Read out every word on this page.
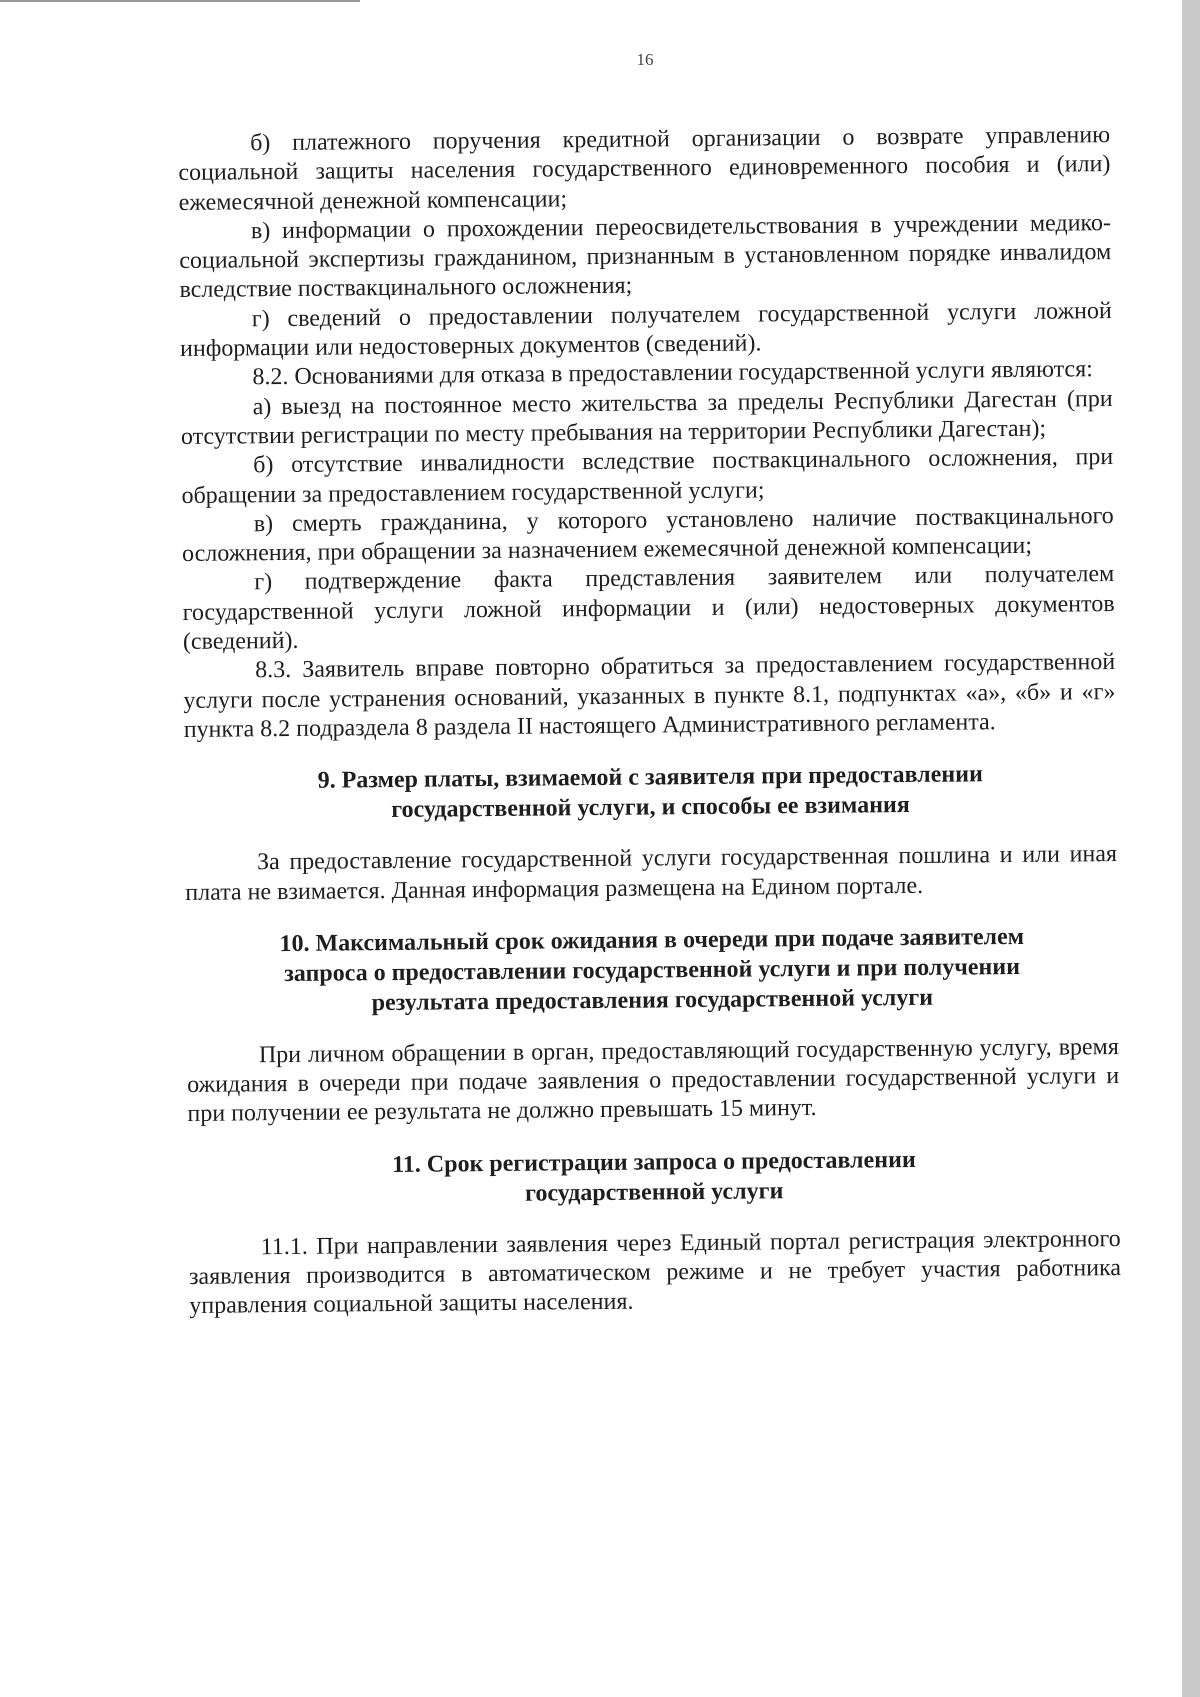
16

б) платежного поручения кредитной организации о возврате управлению социальной защиты населения государственного единовременного пособия и (или) ежемесячной денежной компенсации;

в) информации о прохождении переосвидетельствования в учреждении медико-социальной экспертизы гражданином, признанным в установленном порядке инвалидом вследствие поствакцинального осложнения;

г) сведений о предоставлении получателем государственной услуги ложной информации или недостоверных документов (сведений).

8.2. Основаниями для отказа в предоставлении государственной услуги являются:

а) выезд на постоянное место жительства за пределы Республики Дагестан (при отсутствии регистрации по месту пребывания на территории Республики Дагестан);

б) отсутствие инвалидности вследствие поствакцинального осложнения, при обращении за предоставлением государственной услуги;

в) смерть гражданина, у которого установлено наличие поствакцинального осложнения, при обращении за назначением ежемесячной денежной компенсации;

г) подтверждение факта представления заявителем или получателем государственной услуги ложной информации и (или) недостоверных документов (сведений).

8.3. Заявитель вправе повторно обратиться за предоставлением государственной услуги после устранения оснований, указанных в пункте 8.1, подпунктах «а», «б» и «г» пункта 8.2 подраздела 8 раздела II настоящего Административного регламента.

9. Размер платы, взимаемой с заявителя при предоставлении
государственной услуги, и способы ее взимания

За предоставление государственной услуги государственная пошлина и или иная плата не взимается. Данная информация размещена на Едином портале.

10. Максимальный срок ожидания в очереди при подаче заявителем
запроса о предоставлении государственной услуги и при получении
результата предоставления государственной услуги

При личном обращении в орган, предоставляющий государственную услугу, время ожидания в очереди при подаче заявления о предоставлении государственной услуги и при получении ее результата не должно превышать 15 минут.

11. Срок регистрации запроса о предоставлении
государственной услуги

11.1. При направлении заявления через Единый портал регистрация электронного заявления производится в автоматическом режиме и не требует участия работника управления социальной защиты населения.
